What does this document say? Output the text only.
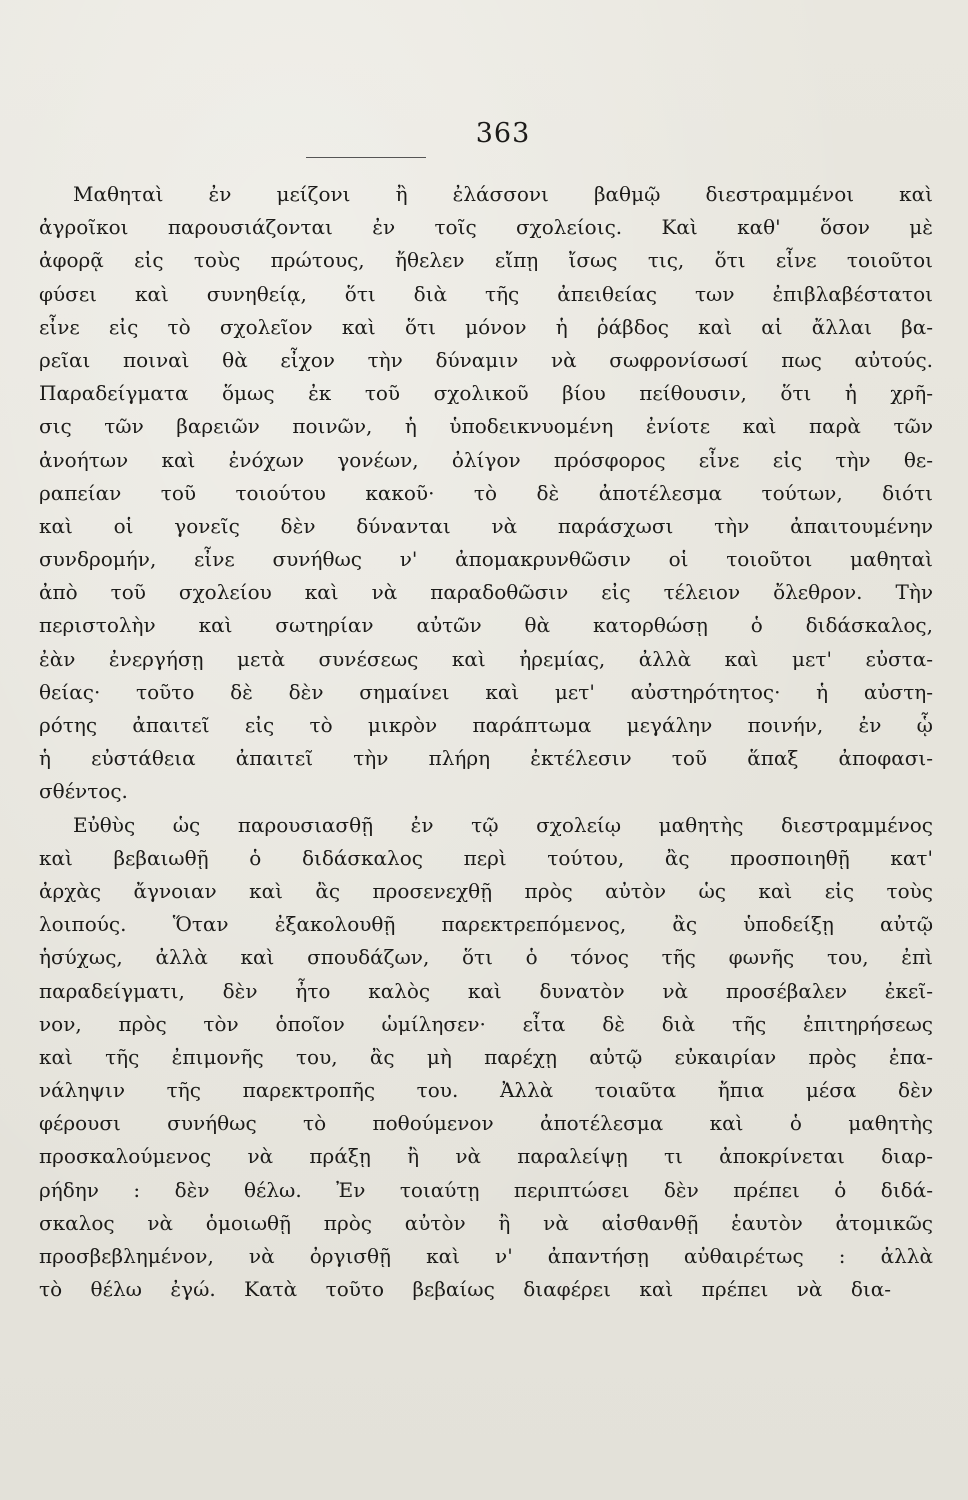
363
Μαθηταὶ ἐν μείζονι ἢ ἐλάσσονι βαθμῷ διεστραμμένοι καὶ
ἀγροῖκοι παρουσιάζονται ἐν τοῖς σχολείοις. Καὶ καθ' ὅσον μὲ
ἀφορᾷ εἰς τοὺς πρώτους, ἤθελεν εἴπῃ ἴσως τις, ὅτι εἶνε τοιοῦτοι
φύσει καὶ συνηθείᾳ, ὅτι διὰ τῆς ἀπειθείας των ἐπιβλαβέστατοι
εἶνε εἰς τὸ σχολεῖον καὶ ὅτι μόνον ἡ ῥάβδος καὶ αἱ ἄλλαι βα-
ρεῖαι ποιναὶ θὰ εἶχον τὴν δύναμιν νὰ σωφρονίσωσί πως αὐτούς.
Παραδείγματα ὅμως ἐκ τοῦ σχολικοῦ βίου πείθουσιν, ὅτι ἡ χρῆ-
σις τῶν βαρειῶν ποινῶν, ἡ ὑποδεικνυομένη ἐνίοτε καὶ παρὰ τῶν
ἀνοήτων καὶ ἐνόχων γονέων, ὀλίγον πρόσφορος εἶνε εἰς τὴν θε-
ραπείαν τοῦ τοιούτου κακοῦ· τὸ δὲ ἀποτέλεσμα τούτων, διότι
καὶ οἱ γονεῖς δὲν δύνανται νὰ παράσχωσι τὴν ἀπαιτουμένην
συνδρομήν, εἶνε συνήθως ν' ἀπομακρυνθῶσιν οἱ τοιοῦτοι μαθηταὶ
ἀπὸ τοῦ σχολείου καὶ νὰ παραδοθῶσιν εἰς τέλειον ὄλεθρον. Τὴν
περιστολὴν καὶ σωτηρίαν αὐτῶν θὰ κατορθώσῃ ὁ διδάσκαλος,
ἐὰν ἐνεργήσῃ μετὰ συνέσεως καὶ ἠρεμίας, ἀλλὰ καὶ μετ' εὐστα-
θείας· τοῦτο δὲ δὲν σημαίνει καὶ μετ' αὐστηρότητος· ἡ αὐστη-
ρότης ἀπαιτεῖ εἰς τὸ μικρὸν παράπτωμα μεγάλην ποινήν, ἐν ᾧ
ἡ εὐστάθεια ἀπαιτεῖ τὴν πλήρη ἐκτέλεσιν τοῦ ἅπαξ ἀποφασι-
σθέντος.
Εὐθὺς ὡς παρουσιασθῇ ἐν τῷ σχολείῳ μαθητὴς διεστραμμένος
καὶ βεβαιωθῇ ὁ διδάσκαλος περὶ τούτου, ἂς προσποιηθῇ κατ'
ἀρχὰς ἄγνοιαν καὶ ἂς προσενεχθῇ πρὸς αὐτὸν ὡς καὶ εἰς τοὺς
λοιπούς. Ὅταν ἐξακολουθῇ παρεκτρεπόμενος, ἂς ὑποδείξῃ αὐτῷ
ἡσύχως, ἀλλὰ καὶ σπουδάζων, ὅτι ὁ τόνος τῆς φωνῆς του, ἐπὶ
παραδείγματι, δὲν ἦτο καλὸς καὶ δυνατὸν νὰ προσέβαλεν ἐκεῖ-
νον, πρὸς τὸν ὁποῖον ὡμίλησεν· εἶτα δὲ διὰ τῆς ἐπιτηρήσεως
καὶ τῆς ἐπιμονῆς του, ἂς μὴ παρέχῃ αὐτῷ εὐκαιρίαν πρὸς ἐπα-
νάληψιν τῆς παρεκτροπῆς του. Ἀλλὰ τοιαῦτα ἤπια μέσα δὲν
φέρουσι συνήθως τὸ ποθούμενον ἀποτέλεσμα καὶ ὁ μαθητὴς
προσκαλούμενος νὰ πράξῃ ἢ νὰ παραλείψῃ τι ἀποκρίνεται διαρ-
ρήδην : δὲν θέλω. Ἐν τοιαύτῃ περιπτώσει δὲν πρέπει ὁ διδά-
σκαλος νὰ ὁμοιωθῇ πρὸς αὐτὸν ἢ νὰ αἰσθανθῇ ἑαυτὸν ἀτομικῶς
προσβεβλημένον, νὰ ὀργισθῇ καὶ ν' ἀπαντήσῃ αὐθαιρέτως : ἀλλὰ
τὸ θέλω ἐγώ. Κατὰ τοῦτο βεβαίως διαφέρει καὶ πρέπει νὰ δια-
